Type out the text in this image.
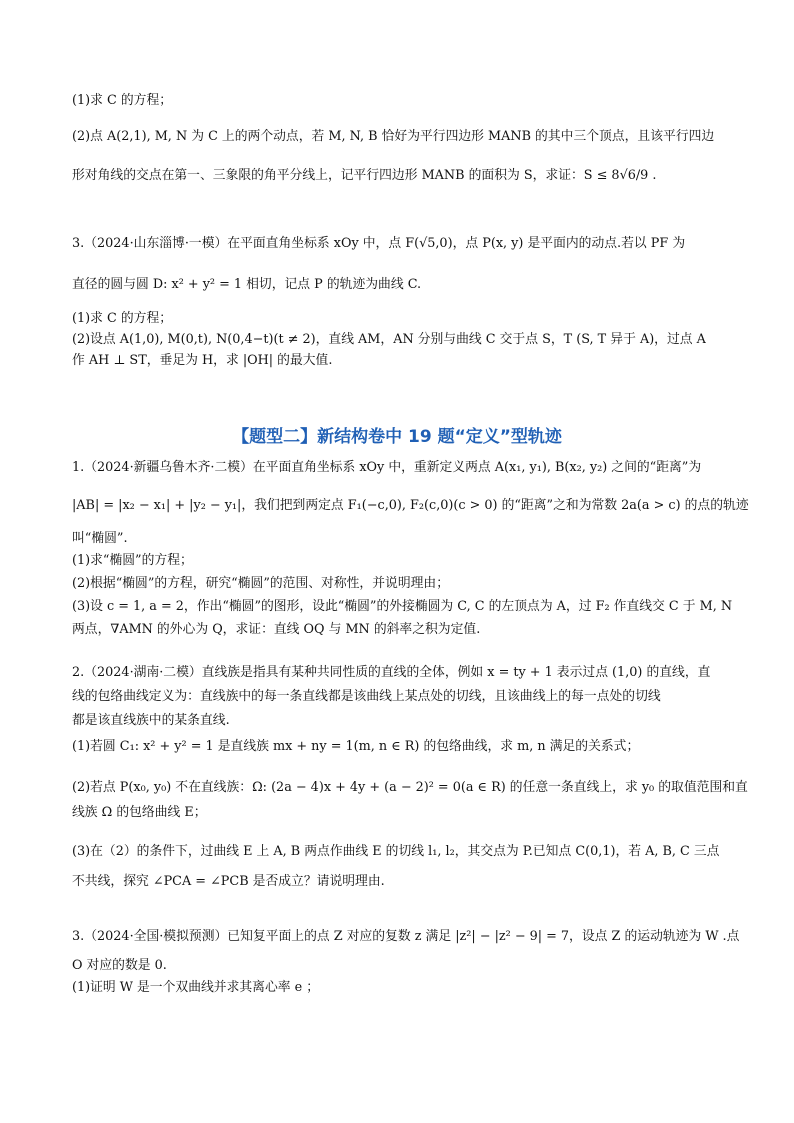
【题型二】新结构卷中 19 题“定义”型轨迹
(1)求 C 的方程；
(2)点 A(2,1), M, N 为 C 上的两个动点，若 M, N, B 恰好为平行四边形 MANB 的其中三个顶点，且该平行四边
形对角线的交点在第一、三象限的角平分线上，记平行四边形 MANB 的面积为 S，求证：S ≤ 8√6/9 .
3.（2024·山东淄博·一模）在平面直角坐标系 xOy 中，点 F(√5,0)，点 P(x, y) 是平面内的动点.若以 PF 为
直径的圆与圆 D: x² + y² = 1 相切，记点 P 的轨迹为曲线 C.
(1)求 C 的方程；
(2)设点 A(1,0), M(0,t), N(0,4−t)(t ≠ 2)，直线 AM，AN 分别与曲线 C 交于点 S，T (S, T 异于 A)，过点 A
作 AH ⊥ ST，垂足为 H，求 |OH| 的最大值.
1.（2024·新疆乌鲁木齐·二模）在平面直角坐标系 xOy 中，重新定义两点 A(x₁, y₁), B(x₂, y₂) 之间的“距离”为
|AB| = |x₂ − x₁| + |y₂ − y₁|，我们把到两定点 F₁(−c,0), F₂(c,0)(c > 0) 的“距离”之和为常数 2a(a > c) 的点的轨迹
叫“椭圆”.
(1)求“椭圆”的方程；
(2)根据“椭圆”的方程，研究“椭圆”的范围、对称性，并说明理由；
(3)设 c = 1, a = 2，作出“椭圆”的图形，设此“椭圆”的外接椭圆为 C, C 的左顶点为 A，过 F₂ 作直线交 C 于 M, N
两点，∇AMN 的外心为 Q，求证：直线 OQ 与 MN 的斜率之积为定值.
2.（2024·湖南·二模）直线族是指具有某种共同性质的直线的全体，例如 x = ty + 1 表示过点 (1,0) 的直线，直
线的包络曲线定义为：直线族中的每一条直线都是该曲线上某点处的切线，且该曲线上的每一点处的切线
都是该直线族中的某条直线.
(1)若圆 C₁: x² + y² = 1 是直线族 mx + ny = 1(m, n ∈ R) 的包络曲线，求 m, n 满足的关系式；
(2)若点 P(x₀, y₀) 不在直线族：Ω: (2a − 4)x + 4y + (a − 2)² = 0(a ∈ R) 的任意一条直线上，求 y₀ 的取值范围和直
线族 Ω 的包络曲线 E；
(3)在（2）的条件下，过曲线 E 上 A, B 两点作曲线 E 的切线 l₁, l₂，其交点为 P.已知点 C(0,1)，若 A, B, C 三点
不共线，探究 ∠PCA = ∠PCB 是否成立？请说明理由.
3.（2024·全国·模拟预测）已知复平面上的点 Z 对应的复数 z 满足 |z²| − |z² − 9| = 7，设点 Z 的运动轨迹为 W .点
O 对应的数是 0.
(1)证明 W 是一个双曲线并求其离心率 e ；
